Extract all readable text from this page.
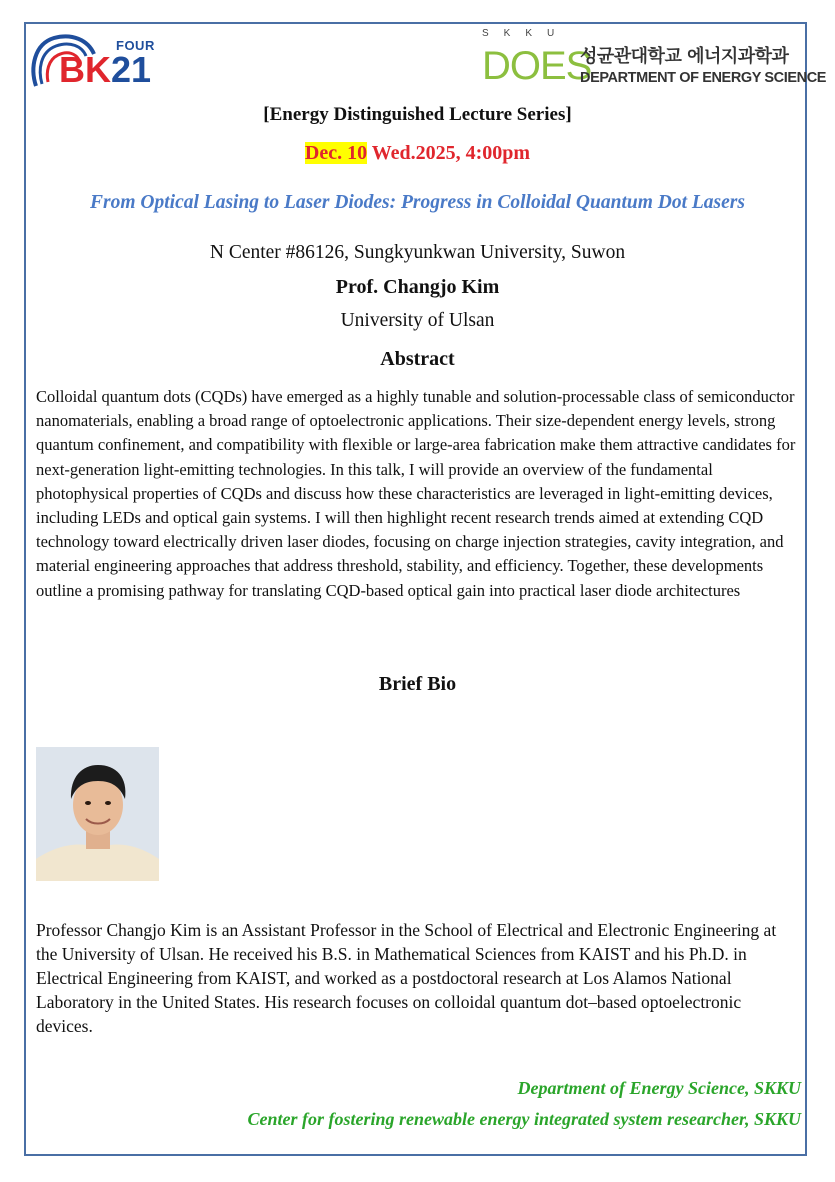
FOUR
BK21
SKKU
DOES
성균관대학교 에너지과학과
DEPARTMENT OF ENERGY SCIENCE
[Energy Distinguished Lecture Series]
Dec. 10 Wed.2025, 4:00pm
From Optical Lasing to Laser Diodes: Progress in Colloidal Quantum Dot Lasers
N Center #86126, Sungkyunkwan University, Suwon
Prof. Changjo Kim
University of Ulsan
Abstract
Colloidal quantum dots (CQDs) have emerged as a highly tunable and solution-processable class of semiconductor nanomaterials, enabling a broad range of optoelectronic applications. Their size-dependent energy levels, strong quantum confinement, and compatibility with flexible or large-area fabrication make them attractive candidates for next-generation light-emitting technologies. In this talk, I will provide an overview of the fundamental photophysical properties of CQDs and discuss how these characteristics are leveraged in light-emitting devices, including LEDs and optical gain systems. I will then highlight recent research trends aimed at extending CQD technology toward electrically driven laser diodes, focusing on charge injection strategies, cavity integration, and material engineering approaches that address threshold, stability, and efficiency. Together, these developments outline a promising pathway for translating CQD-based optical gain into practical laser diode architectures
Brief Bio
Professor Changjo Kim is an Assistant Professor in the School of Electrical and Electronic Engineering at the University of Ulsan. He received his B.S. in Mathematical Sciences from KAIST and his Ph.D. in Electrical Engineering from KAIST, and worked as a postdoctoral research at Los Alamos National Laboratory in the United States. His research focuses on colloidal quantum dot–based optoelectronic devices.
Department of Energy Science, SKKU
Center for fostering renewable energy integrated system researcher, SKKU
